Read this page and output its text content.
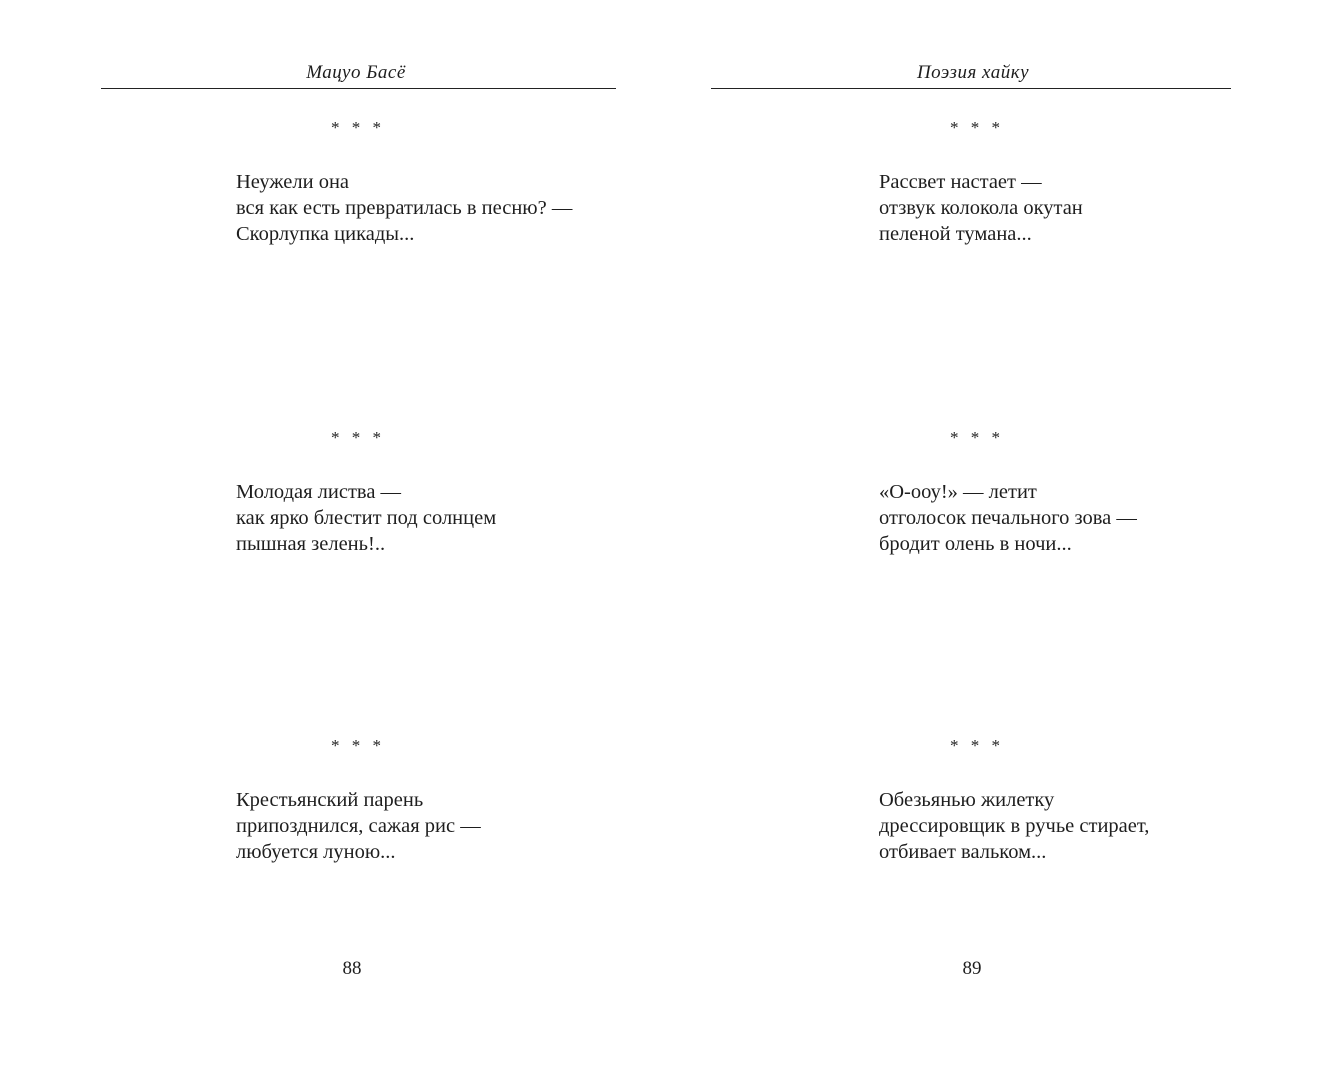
Мацуо Басё
* * *
Неужели она
вся как есть превратилась в песню? —
Скорлупка цикады...
* * *
Молодая листва —
как ярко блестит под солнцем
пышная зелень!..
* * *
Крестьянский парень
припозднился, сажая рис —
любуется луною...
88
Поэзия хайку
* * *
Рассвет настает —
отзвук колокола окутан
пеленой тумана...
* * *
«О-ооу!» — летит
отголосок печального зова —
бродит олень в ночи...
* * *
Обезьянью жилетку
дрессировщик в ручье стирает,
отбивает вальком...
89
